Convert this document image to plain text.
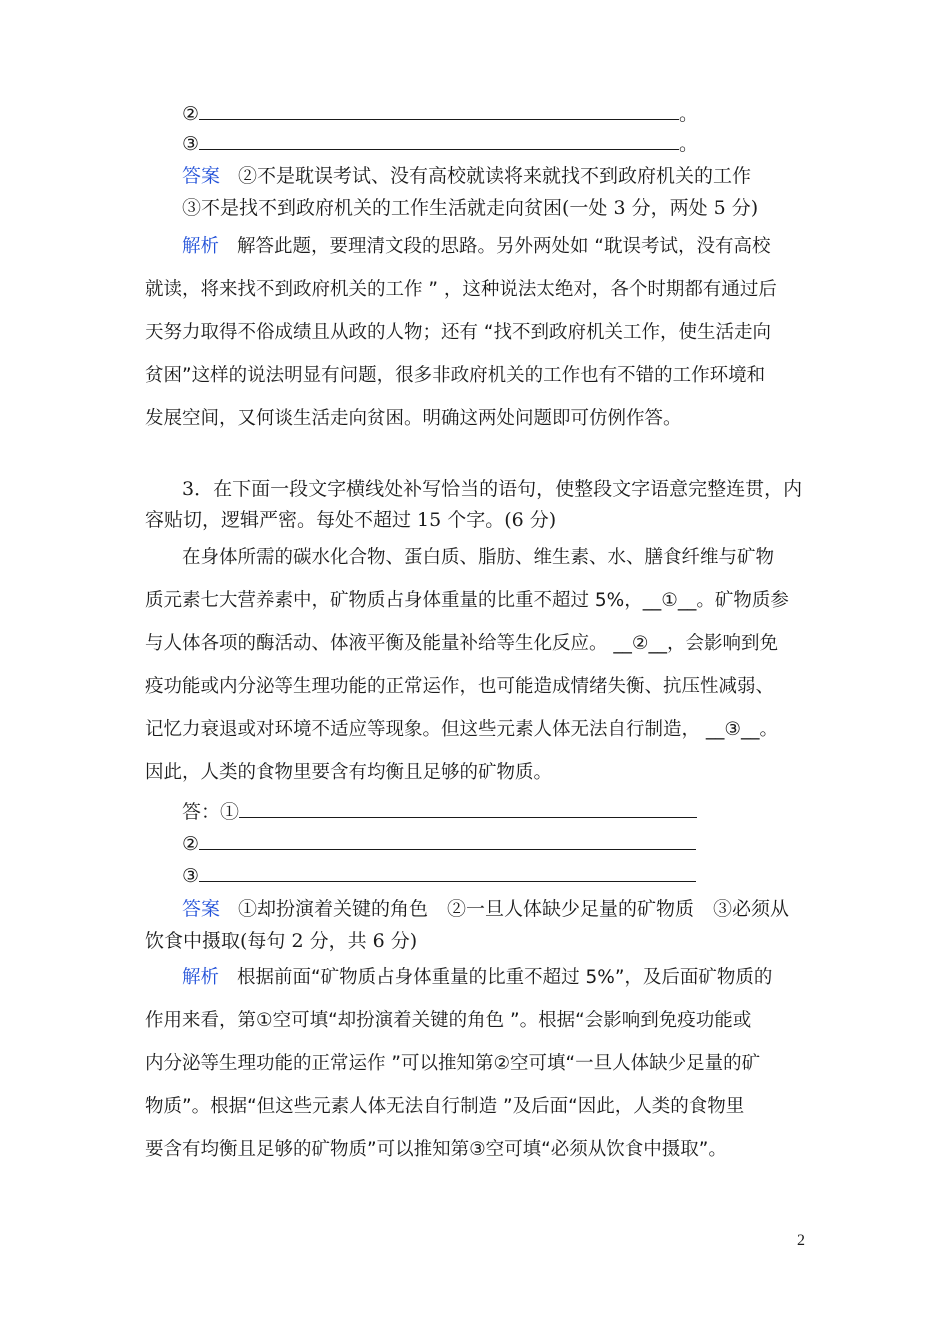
②	。
③	。
答案 ②不是耽误考试、没有高校就读将来就找不到政府机关的工作
③不是找不到政府机关的工作生活就走向贫困(一处 3 分，两处 5 分)
解析 解答此题，要理清文段的思路。另外两处如 “耽误考试，没有高校
就读，将来找不到政府机关的工作 ” ，这种说法太绝对，各个时期都有通过后
天努力取得不俗成绩且从政的人物；还有 “找不到政府机关工作，使生活走向
贫困”这样的说法明显有问题，很多非政府机关的工作也有不错的工作环境和
发展空间，又何谈生活走向贫困。明确这两处问题即可仿例作答。
3．在下面一段文字横线处补写恰当的语句，使整段文字语意完整连贯，内
容贴切，逻辑严密。每处不超过 15 个字。(6 分)
在身体所需的碳水化合物、蛋白质、脂肪、维生素、水、膳食纤维与矿物
质元素七大营养素中，矿物质占身体重量的比重不超过 5%，__①__。矿物质参
与人体各项的酶活动、体液平衡及能量补给等生化反应。 __②__，会影响到免
疫功能或内分泌等生理功能的正常运作，也可能造成情绪失衡、抗压性减弱、
记忆力衰退或对环境不适应等现象。但这些元素人体无法自行制造， __③__。
因此，人类的食物里要含有均衡且足够的矿物质。
答：①
②
③
答案 ①却扮演着关键的角色　②一旦人体缺少足量的矿物质　③必须从
饮食中摄取(每句 2 分，共 6 分)
解析 根据前面“矿物质占身体重量的比重不超过 5%”，及后面矿物质的
作用来看，第①空可填“却扮演着关键的角色 ”。根据“会影响到免疫功能或
内分泌等生理功能的正常运作 ”可以推知第②空可填“一旦人体缺少足量的矿
物质”。根据“但这些元素人体无法自行制造 ”及后面“因此，人类的食物里
要含有均衡且足够的矿物质”可以推知第③空可填“必须从饮食中摄取”。
2
